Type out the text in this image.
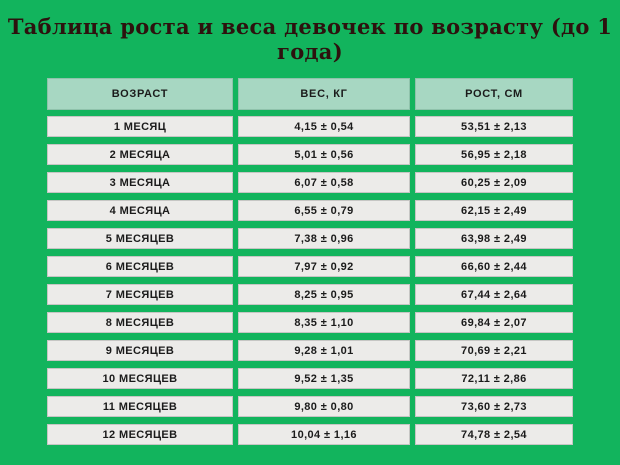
Таблица роста и веса девочек по возрасту (до 1 года)
ВОЗРАСТ	ВЕС, КГ	РОСТ, СМ
1 МЕСЯЦ	4,15 ± 0,54	53,51 ± 2,13
2 МЕСЯЦА	5,01 ± 0,56	56,95 ± 2,18
3 МЕСЯЦА	6,07 ± 0,58	60,25 ± 2,09
4 МЕСЯЦА	6,55 ± 0,79	62,15 ± 2,49
5 МЕСЯЦЕВ	7,38 ± 0,96	63,98 ± 2,49
6 МЕСЯЦЕВ	7,97 ± 0,92	66,60 ± 2,44
7 МЕСЯЦЕВ	8,25 ± 0,95	67,44 ± 2,64
8 МЕСЯЦЕВ	8,35 ± 1,10	69,84 ± 2,07
9 МЕСЯЦЕВ	9,28 ± 1,01	70,69 ± 2,21
10 МЕСЯЦЕВ	9,52 ± 1,35	72,11 ± 2,86
11 МЕСЯЦЕВ	9,80 ± 0,80	73,60 ± 2,73
12 МЕСЯЦЕВ	10,04 ± 1,16	74,78 ± 2,54
